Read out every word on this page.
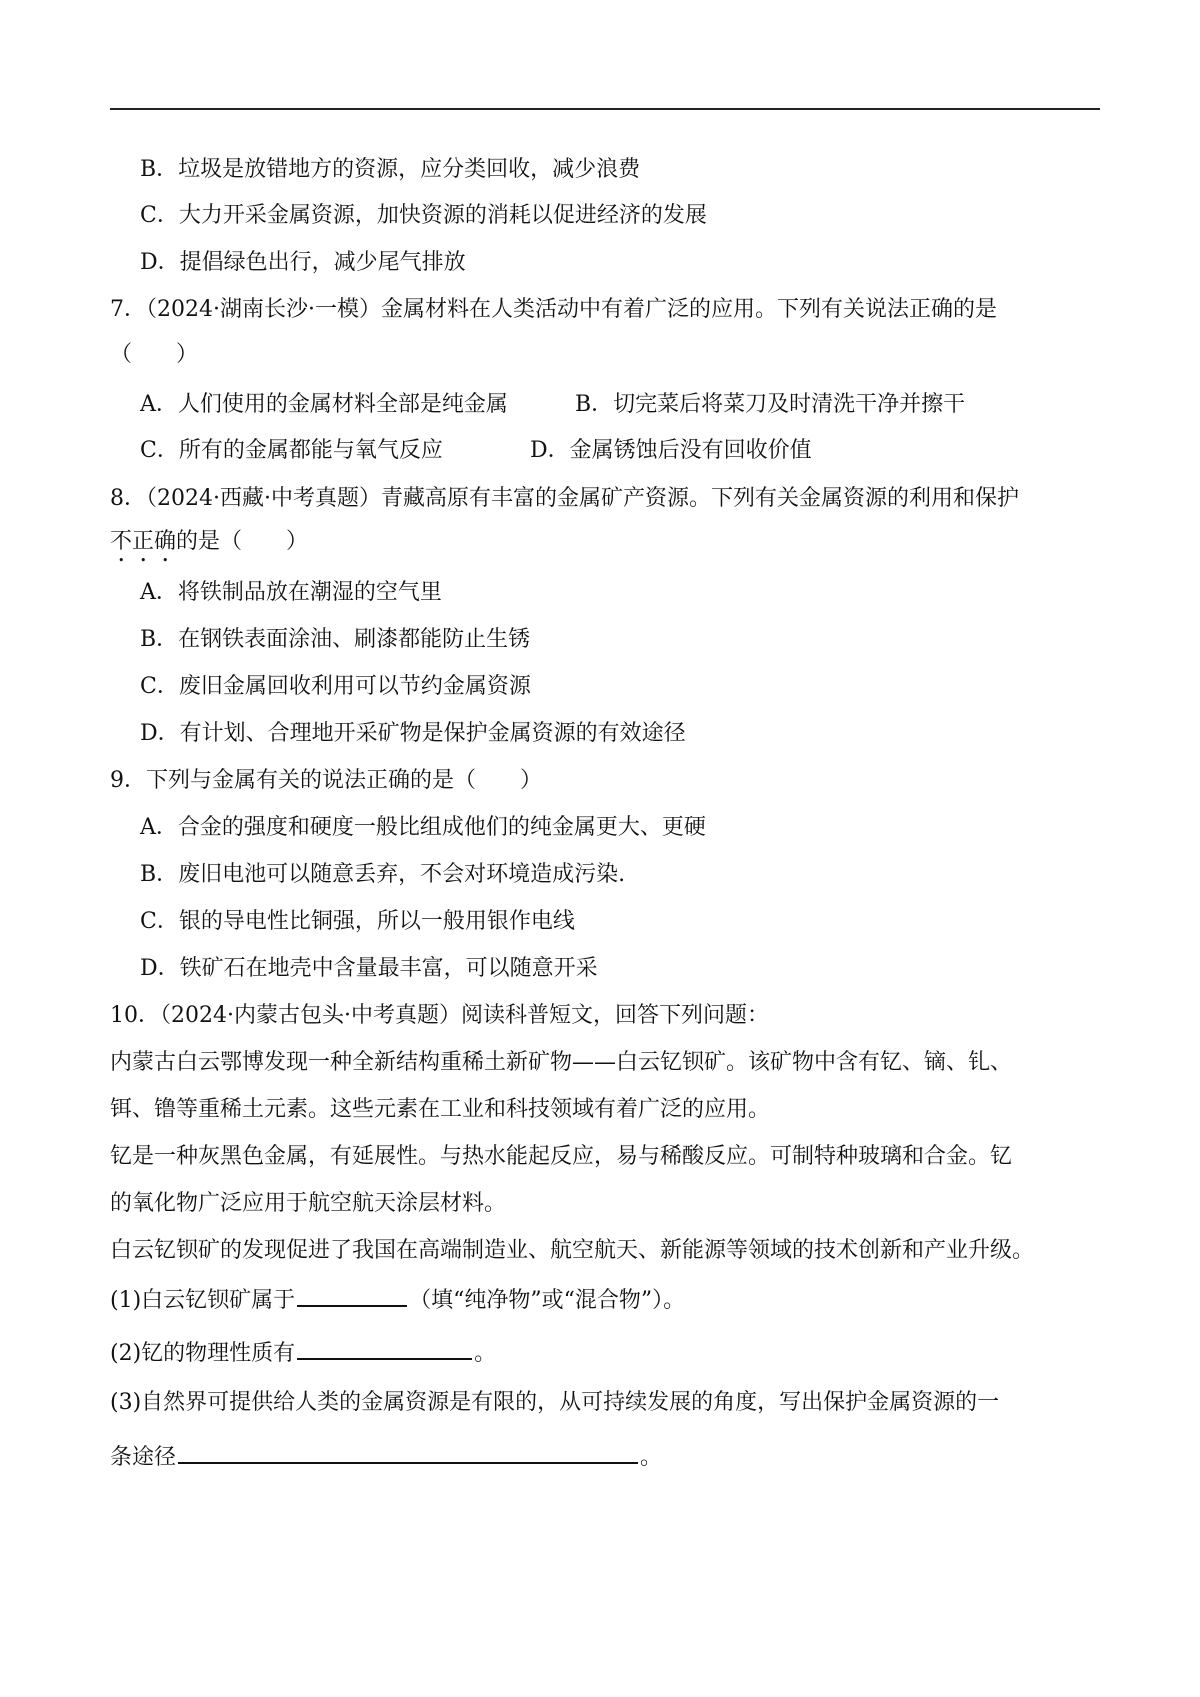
B．垃圾是放错地方的资源，应分类回收，减少浪费
C．大力开采金属资源，加快资源的消耗以促进经济的发展
D．提倡绿色出行，减少尾气排放
7．（2024·湖南长沙·一模）金属材料在人类活动中有着广泛的应用。下列有关说法正确的是
（　　）
A．人们使用的金属材料全部是纯金属	B．切完菜后将菜刀及时清洗干净并擦干
C．所有的金属都能与氧气反应	D．金属锈蚀后没有回收价值
8．（2024·西藏·中考真题）青藏高原有丰富的金属矿产资源。下列有关金属资源的利用和保护
不正确的是（　　）
A．将铁制品放在潮湿的空气里
B．在钢铁表面涂油、刷漆都能防止生锈
C．废旧金属回收利用可以节约金属资源
D．有计划、合理地开采矿物是保护金属资源的有效途径
9．下列与金属有关的说法正确的是（　　）
A．合金的强度和硬度一般比组成他们的纯金属更大、更硬
B．废旧电池可以随意丢弃，不会对环境造成污染.
C．银的导电性比铜强，所以一般用银作电线
D．铁矿石在地壳中含量最丰富，可以随意开采
10．（2024·内蒙古包头·中考真题）阅读科普短文，回答下列问题：
内蒙古白云鄂博发现一种全新结构重稀土新矿物——白云钇钡矿。该矿物中含有钇、镝、钆、
铒、镥等重稀土元素。这些元素在工业和科技领域有着广泛的应用。
钇是一种灰黑色金属，有延展性。与热水能起反应，易与稀酸反应。可制特种玻璃和合金。钇
的氧化物广泛应用于航空航天涂层材料。
白云钇钡矿的发现促进了我国在高端制造业、航空航天、新能源等领域的技术创新和产业升级。
(1)白云钇钡矿属于	（填“纯净物”或“混合物”）。
(2)钇的物理性质有	。
(3)自然界可提供给人类的金属资源是有限的，从可持续发展的角度，写出保护金属资源的一
条途径	。
